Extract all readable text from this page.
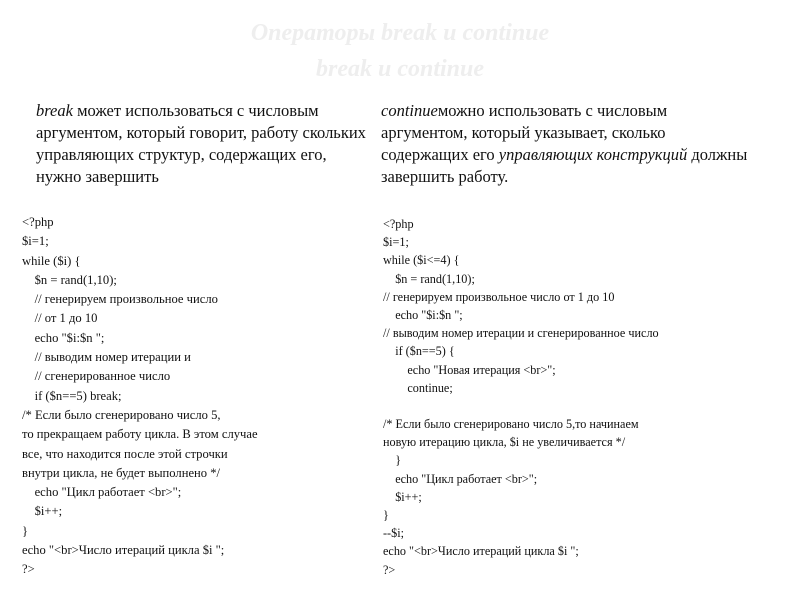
Операторы break и continue
break и continue

break может использоваться с числовым аргументом, который говорит, работу скольких управляющих структур, содержащих его, нужно завершить

continueможно использовать с числовым аргументом, который указывает, сколько содержащих его управляющих конструкций должны завершить работу.

<?php
$i=1;
while ($i) {
$n = rand(1,10);
// генерируем произвольное число
// от 1 до 10
echo "$i:$n ";
// выводим номер итерации и
// сгенерированное число
if ($n==5) break;
/* Если было сгенерировано число 5,
то прекращаем работу цикла. В этом случае
все, что находится после этой строчки
внутри цикла, не будет выполнено */
echo "Цикл работает <br>";
$i++;
}
echo "<br>Число итераций цикла $i ";
?>
<?php
$i=1;
while ($i<=4) {
$n = rand(1,10);
// генерируем произвольное число от 1 до 10
echo "$i:$n ";
// выводим номер итерации и сгенерированное число
if ($n==5) {
echo "Новая итерация <br>";
continue;
/* Если было сгенерировано число 5,то начинаем
новую итерацию цикла, $i не увеличивается */
}
echo "Цикл работает <br>";
$i++;
}
--$i;
echo "<br>Число итераций цикла $i ";
?>
